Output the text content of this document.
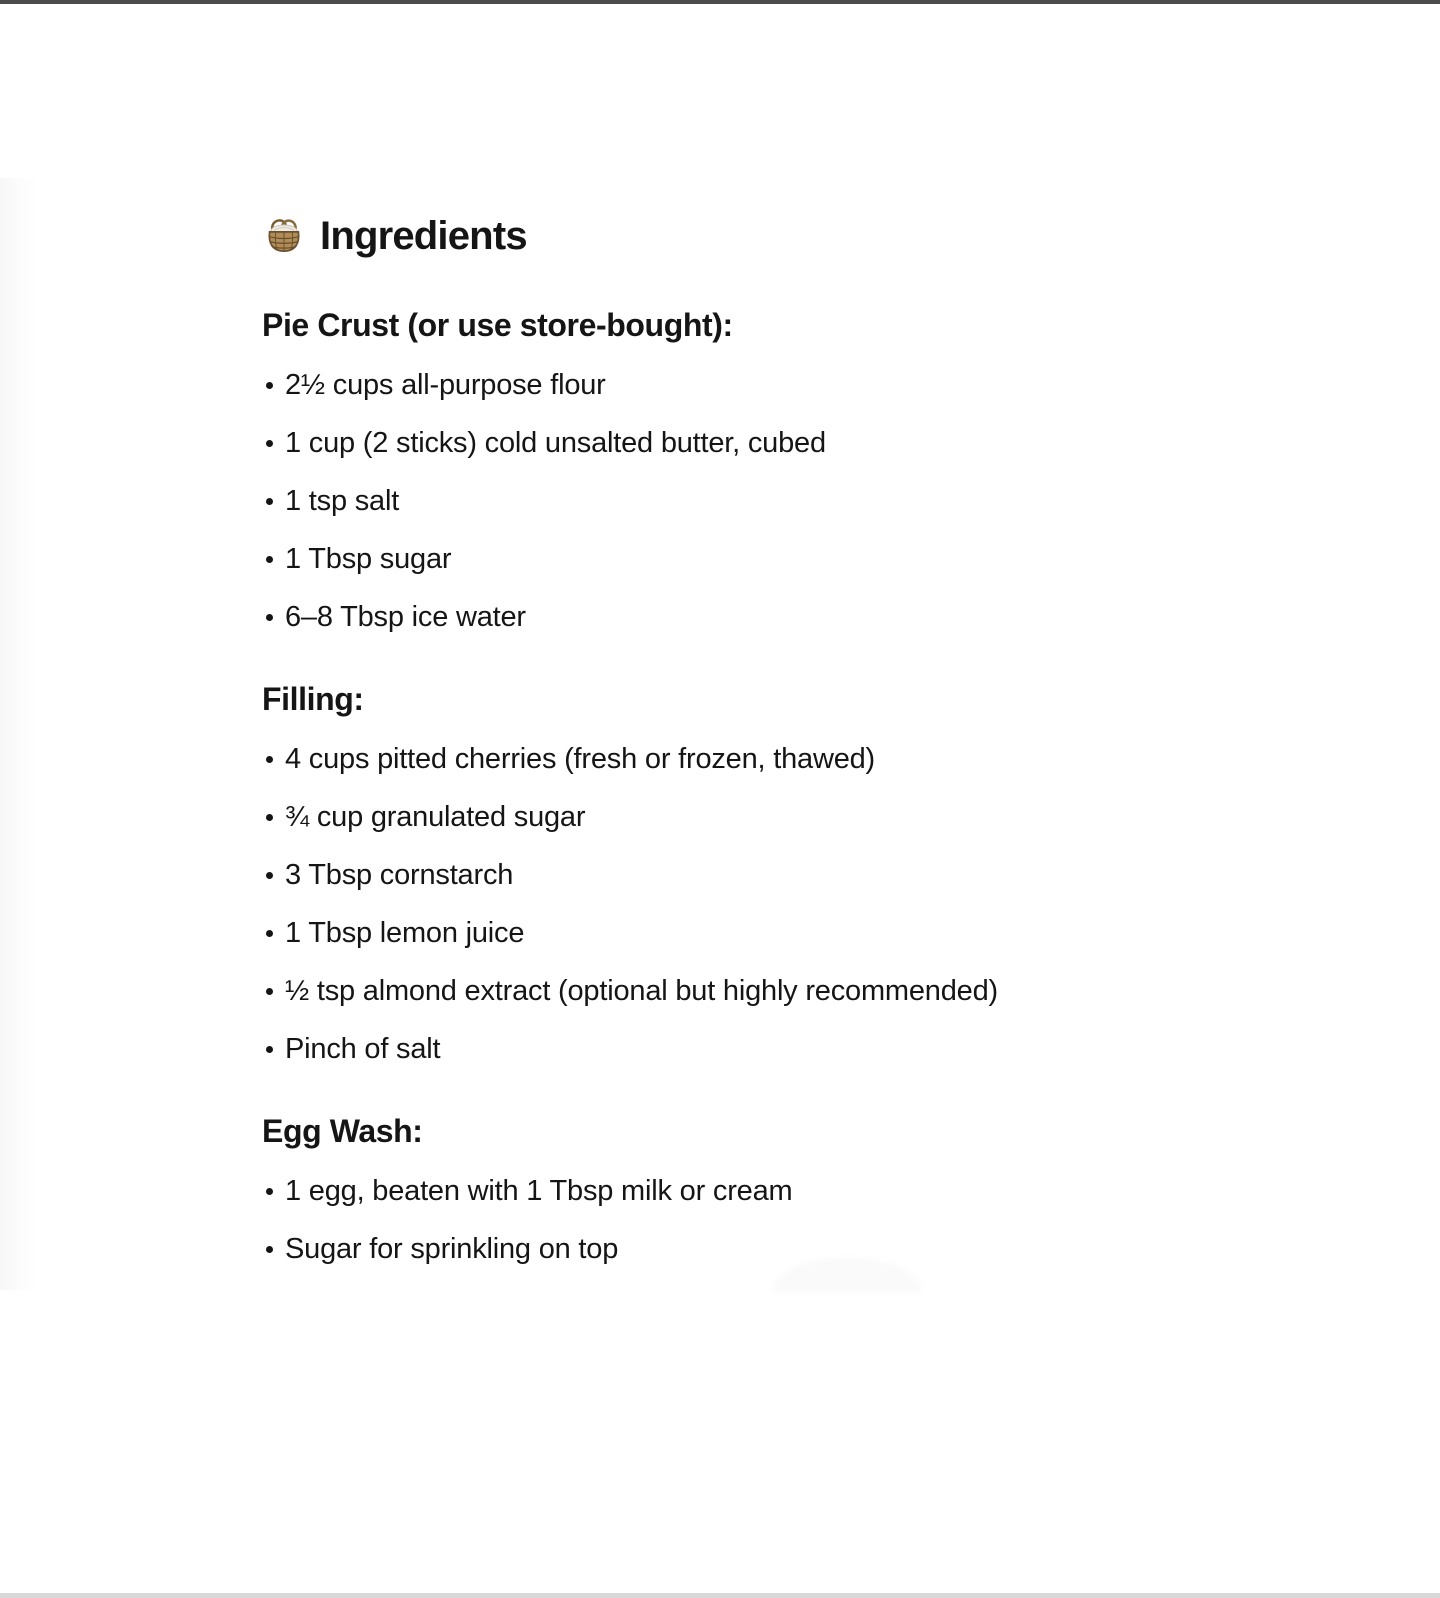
Ingredients
Pie Crust (or use store-bought):
2½ cups all-purpose flour
1 cup (2 sticks) cold unsalted butter, cubed
1 tsp salt
1 Tbsp sugar
6–8 Tbsp ice water
Filling:
4 cups pitted cherries (fresh or frozen, thawed)
¾ cup granulated sugar
3 Tbsp cornstarch
1 Tbsp lemon juice
½ tsp almond extract (optional but highly recommended)
Pinch of salt
Egg Wash:
1 egg, beaten with 1 Tbsp milk or cream
Sugar for sprinkling on top
